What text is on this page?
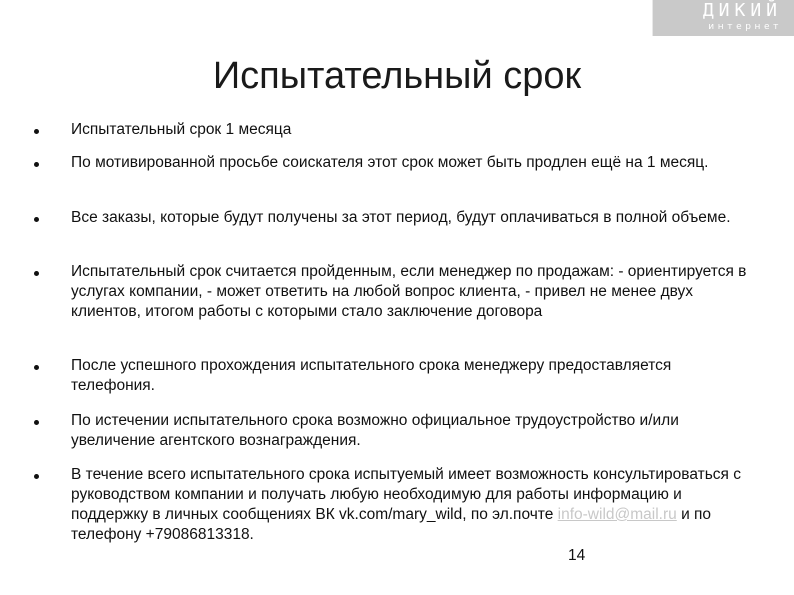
ДИКИЙ
интернет
Испытательный срок

Испытательный срок 1 месяца

По мотивированной просьбе соискателя этот срок может быть продлен ещё на 1 месяц.

Все заказы, которые будут получены за этот период, будут оплачиваться в полной объеме.

Испытательный срок считается пройденным, если менеджер по продажам: - ориентируется в услугах компании, - может ответить на любой вопрос клиента, - привел не менее двух клиентов, итогом работы с которыми стало заключение договора

После успешного прохождения испытательного срока менеджеру предоставляется телефония.

По истечении испытательного срока возможно официальное трудоустройство и/или увеличение агентского вознаграждения.

В течение всего испытательного срока испытуемый имеет возможность консультироваться с руководством компании и получать любую необходимую для работы информацию и поддержку в личных сообщениях ВК vk.com/mary_wild, по эл.почте info-wild@mail.ru и по телефону +79086813318.

14
